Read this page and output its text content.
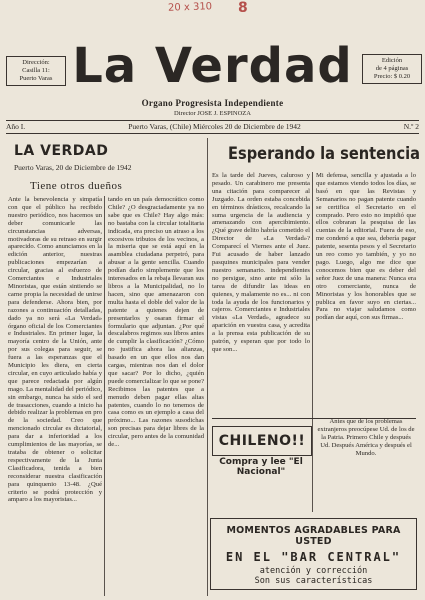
20 x 310 8
Dirección:
Casilla 11:
Puerto Varas La Verdad	Edición
de 4 páginas
Precio: $ 0.20
Organo Progresista Independiente
Director JOSE J. ESPINOZA
Año I.	Puerto Varas, (Chile) Miércoles 20 de Diciembre de 1942	N.º 2
LA VERDAD
Puerto Varas, 20 de Diciembre de 1942
Tiene otros dueños
Esperando la sentencia
Ante la benevolencia y simpatía con que el público ha recibido nuestro periódico, nos hacemos un deber comunicarle las circunstancias adversas, motivadoras de su retraso en surgir aparecido. Como anunciamos en la edición anterior, nuestras publicaciones empezarían a circular, gracias al esfuerzo de Comerciantes e Industriales Minoristas, que están sintiendo se carne propia la necesidad de unirse para defenderse. Ahora bien, por razones a continuación detalladas, dado ya no será «La Verdad» órgano oficial de los Comerciantes e Industriales. En primer lugar, la mayoría centro de la Unión, ante por sus colegas para seguir, se fuera a las esperanzas que el Municipio les diera, en cierta circular, en cuyo articulado había y que parece redactada por algún mago. La mentalidad del periódico, sin embargo, nunca ha sido el sed de trasacciones, cuando a inicio ha debido realizar la problemas en pro de la sociedad. Creo que mencionado circular es dictatorial, para dar a inferioridad a los cumplimientos de las mayorías, se trataba de obtener o solicitar respectivamente de la Junta Clasificadora, tenida a bien reconsiderar nuestra clasificación para quinquenio 13-48. ¿Qué criterio se podrá protección y amparo a los mayoristas...
tando en un país democrático como Chile? ¿O desgraciadamente ya no sabe que es Chile? Hay algo más: no bastaba con la circular totalitaria indicada, era preciso un atraso a los excesivos tributos de los vecinos, a la miseria que se está aquí en la asamblea ciudadana perpetró, para abusar a la gente sencilla. Cuando podían darlo simplemente que los interesados en la rebaja llevaran sus libros a la Municipalidad, no lo hacen, sino que amenazaron con multa hasta el doble del valor de la patente a quienes dejen de presentarlos y osaran firmar el formulario que adjuntan. ¿Por qué descalabros regimos sus libros antes de cumplir la clasificación? ¿Cómo no justifica ahora las alianzas, basado en un que ellos nos dan cargas, mientras nos dan el dolor que sacar? Por lo dicho, ¿quién puede comercializar lo que se pone? Recibimos las patentes que a menudo deben pagar ellas altas patentes, cuando lo no tenemos de casa como es un ejemplo a casa del próximo... Las razones susodichas son precisas para dejar libres de la circular, pero antes de la comunidad de...
Es la tarde del Jueves, caluroso y pesado. Un carabinero me presenta una citación para comparecer al Juzgado. La orden estaba concebida en términos drásticos, recalcando la suma urgencia de la audiencia y amenazando con apercibimiento. ¿Qué grave delito habría cometido el Director de «La Verdad»? Comparecí el Viernes ante el Juez. Fui acusado de haber lanzado pasquines municipales para vender nuestro semanario. independientes no persigue, sino ante mi sólo la tarea de difundir las ideas en quienes, y malamente no es... ni con toda la ayuda de los funcionarios y cajeros. Comerciantes e Industriales vistas «La Verdad», agradece su aparición en vuestra casa, y acredita a la prensa esta publicación de su patrón, y esperan que por todo lo que son...
Mi defensa, sencilla y ajustada a lo que estamos viendo todos los días, se basó en que las Revistas y Semanarios no pagan patente cuando se certifica el Secretario en el comprado. Pero esto no impidió que ellos cobraran la pesquisa de las cuentas de la editorial. Fuera de eso, me condenó a que sea, debería pagar patente, sesenta pesos y el Secretario un reo como yo también, y yo no pago. Luego, algo me dice que conocemos bien que es deber del señor Juez de una manera: Nunca era otro comerciante, nunca de Minoristas y los honorables que se publica en favor suyo en ciertas... Para no viajar saludamos como podían dar aquí, con sus firmas...
CHILENO!!
Compra y lee "El Nacional"
Antes que de los problemas extranjeros preocúpese Ud. de los de la Patria. Primero Chile y después Ud. Después América y después el Mundo.
MOMENTOS AGRADABLES PARA USTED
EN EL "BAR CENTRAL"
atención y corrección
Son sus características
